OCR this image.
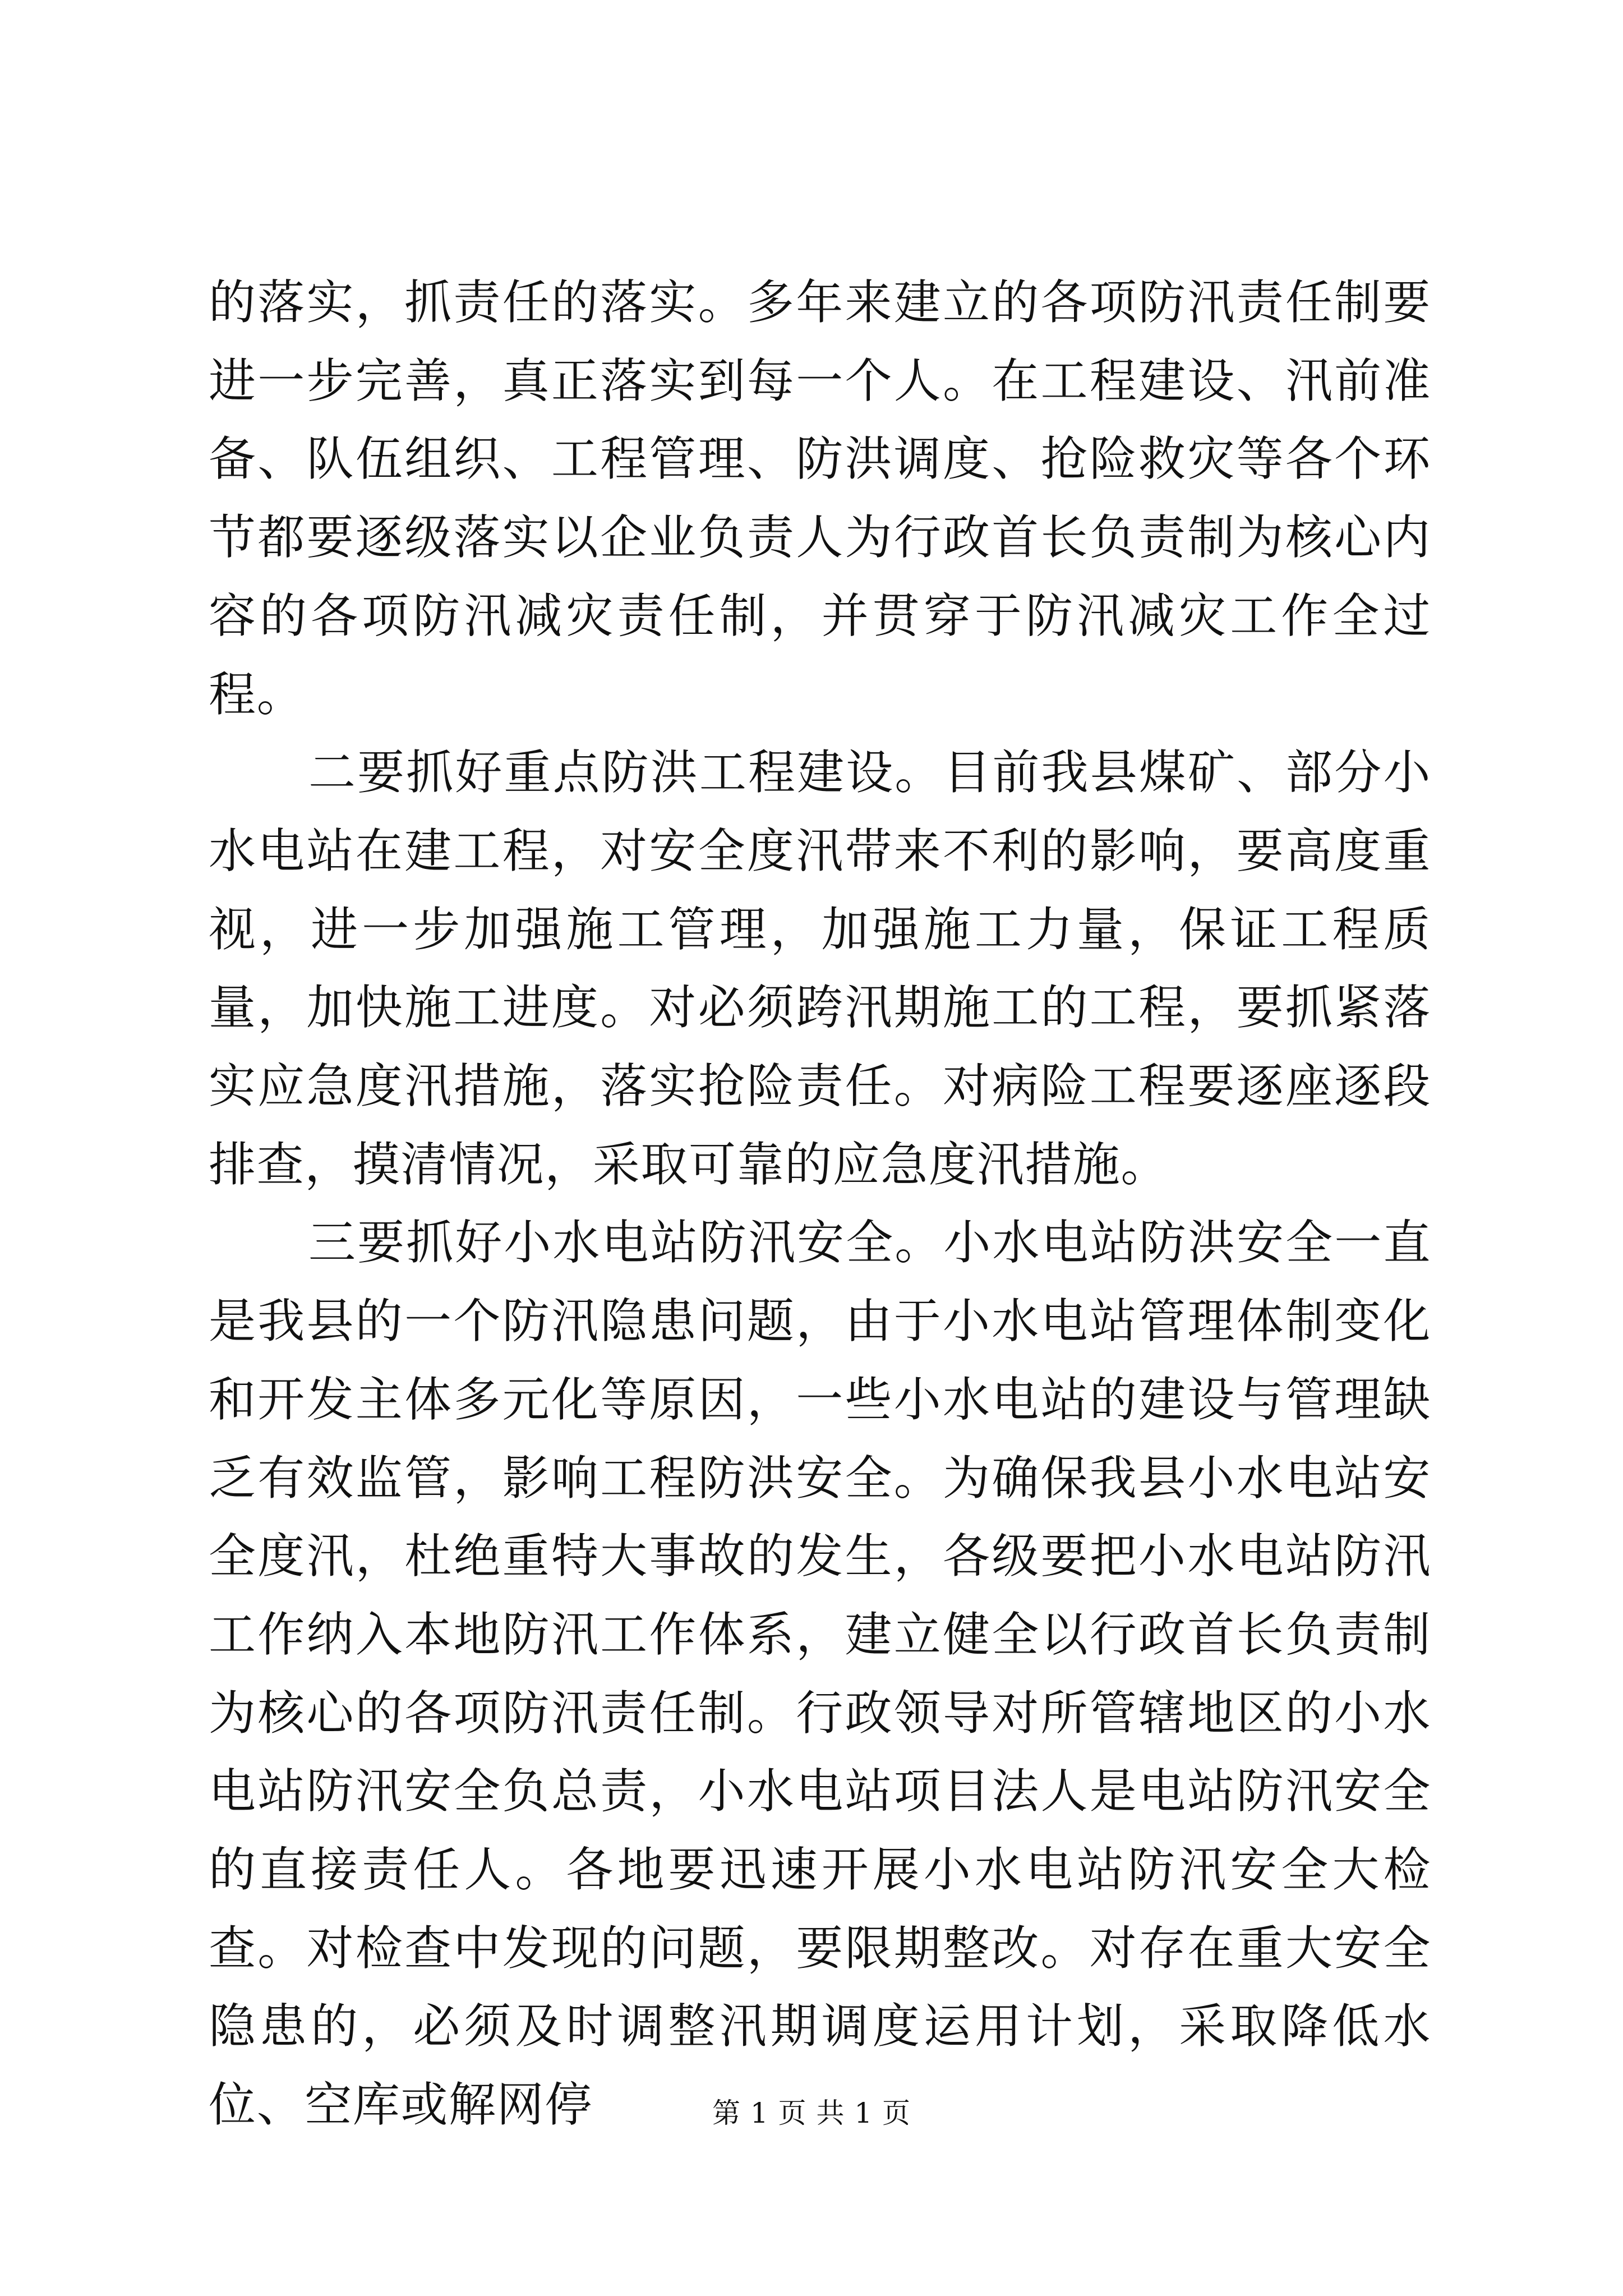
的落实，抓责任的落实。多年来建立的各项防汛责任制要进一步完善，真正落实到每一个人。在工程建设、汛前准备、队伍组织、工程管理、防洪调度、抢险救灾等各个环节都要逐级落实以企业负责人为行政首长负责制为核心内容的各项防汛减灾责任制，并贯穿于防汛减灾工作全过程。

二要抓好重点防洪工程建设。目前我县煤矿、部分小水电站在建工程，对安全度汛带来不利的影响，要高度重视，进一步加强施工管理，加强施工力量，保证工程质量，加快施工进度。对必须跨汛期施工的工程，要抓紧落实应急度汛措施，落实抢险责任。对病险工程要逐座逐段排查，摸清情况，采取可靠的应急度汛措施。

三要抓好小水电站防汛安全。小水电站防洪安全一直是我县的一个防汛隐患问题，由于小水电站管理体制变化和开发主体多元化等原因，一些小水电站的建设与管理缺乏有效监管，影响工程防洪安全。为确保我县小水电站安全度汛，杜绝重特大事故的发生，各级要把小水电站防汛工作纳入本地防汛工作体系，建立健全以行政首长负责制为核心的各项防汛责任制。行政领导对所管辖地区的小水电站防汛安全负总责，小水电站项目法人是电站防汛安全的直接责任人。各地要迅速开展小水电站防汛安全大检查。对检查中发现的问题，要限期整改。对存在重大安全隐患的，必须及时调整汛期调度运用计划，采取降低水位、空库或解网停	第 1 页 共 1 页
